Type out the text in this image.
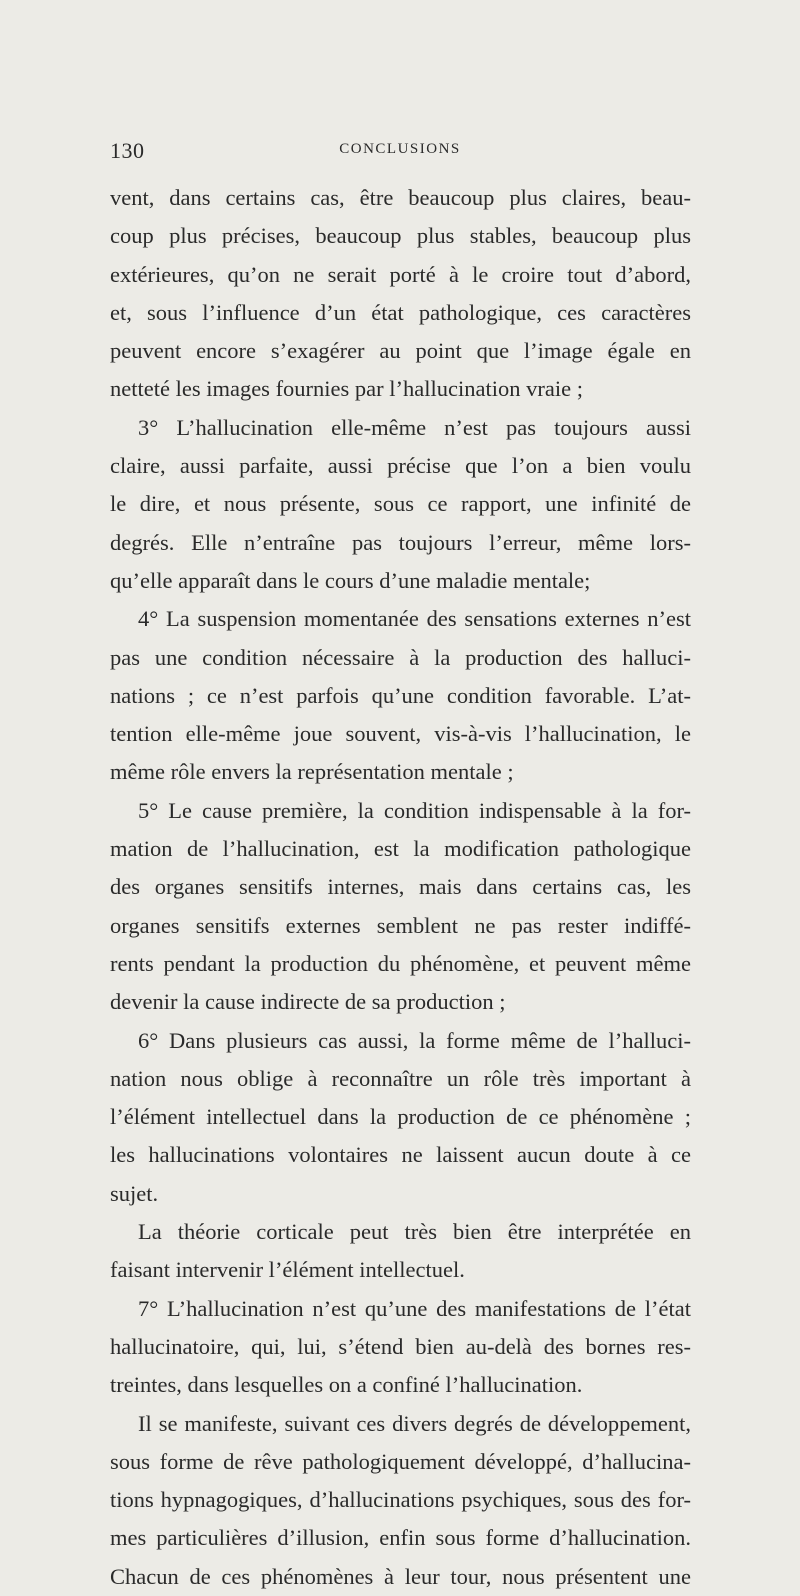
130	CONCLUSIONS
vent, dans certains cas, être beaucoup plus claires, beau-
coup plus précises, beaucoup plus stables, beaucoup plus
extérieures, qu’on ne serait porté à le croire tout d’abord,
et, sous l’influence d’un état pathologique, ces caractères
peuvent encore s’exagérer au point que l’image égale en
netteté les images fournies par l’hallucination vraie ;
3° L’hallucination elle-même n’est pas toujours aussi
claire, aussi parfaite, aussi précise que l’on a bien voulu
le dire, et nous présente, sous ce rapport, une infinité de
degrés. Elle n’entraîne pas toujours l’erreur, même lors-
qu’elle apparaît dans le cours d’une maladie mentale;
4° La suspension momentanée des sensations externes n’est
pas une condition nécessaire à la production des halluci-
nations ; ce n’est parfois qu’une condition favorable. L’at-
tention elle-même joue souvent, vis-à-vis l’hallucination, le
même rôle envers la représentation mentale ;
5° Le cause première, la condition indispensable à la for-
mation de l’hallucination, est la modification pathologique
des organes sensitifs internes, mais dans certains cas, les
organes sensitifs externes semblent ne pas rester indiffé-
rents pendant la production du phénomène, et peuvent même
devenir la cause indirecte de sa production ;
6° Dans plusieurs cas aussi, la forme même de l’halluci-
nation nous oblige à reconnaître un rôle très important à
l’élément intellectuel dans la production de ce phénomène ;
les hallucinations volontaires ne laissent aucun doute à ce
sujet.
La théorie corticale peut très bien être interprétée en
faisant intervenir l’élément intellectuel.
7° L’hallucination n’est qu’une des manifestations de l’état
hallucinatoire, qui, lui, s’étend bien au-delà des bornes res-
treintes, dans lesquelles on a confiné l’hallucination.
Il se manifeste, suivant ces divers degrés de développement,
sous forme de rêve pathologiquement développé, d’hallucina-
tions hypnagogiques, d’hallucinations psychiques, sous des for-
mes particulières d’illusion, enfin sous forme d’hallucination.
Chacun de ces phénomènes à leur tour, nous présentent une
